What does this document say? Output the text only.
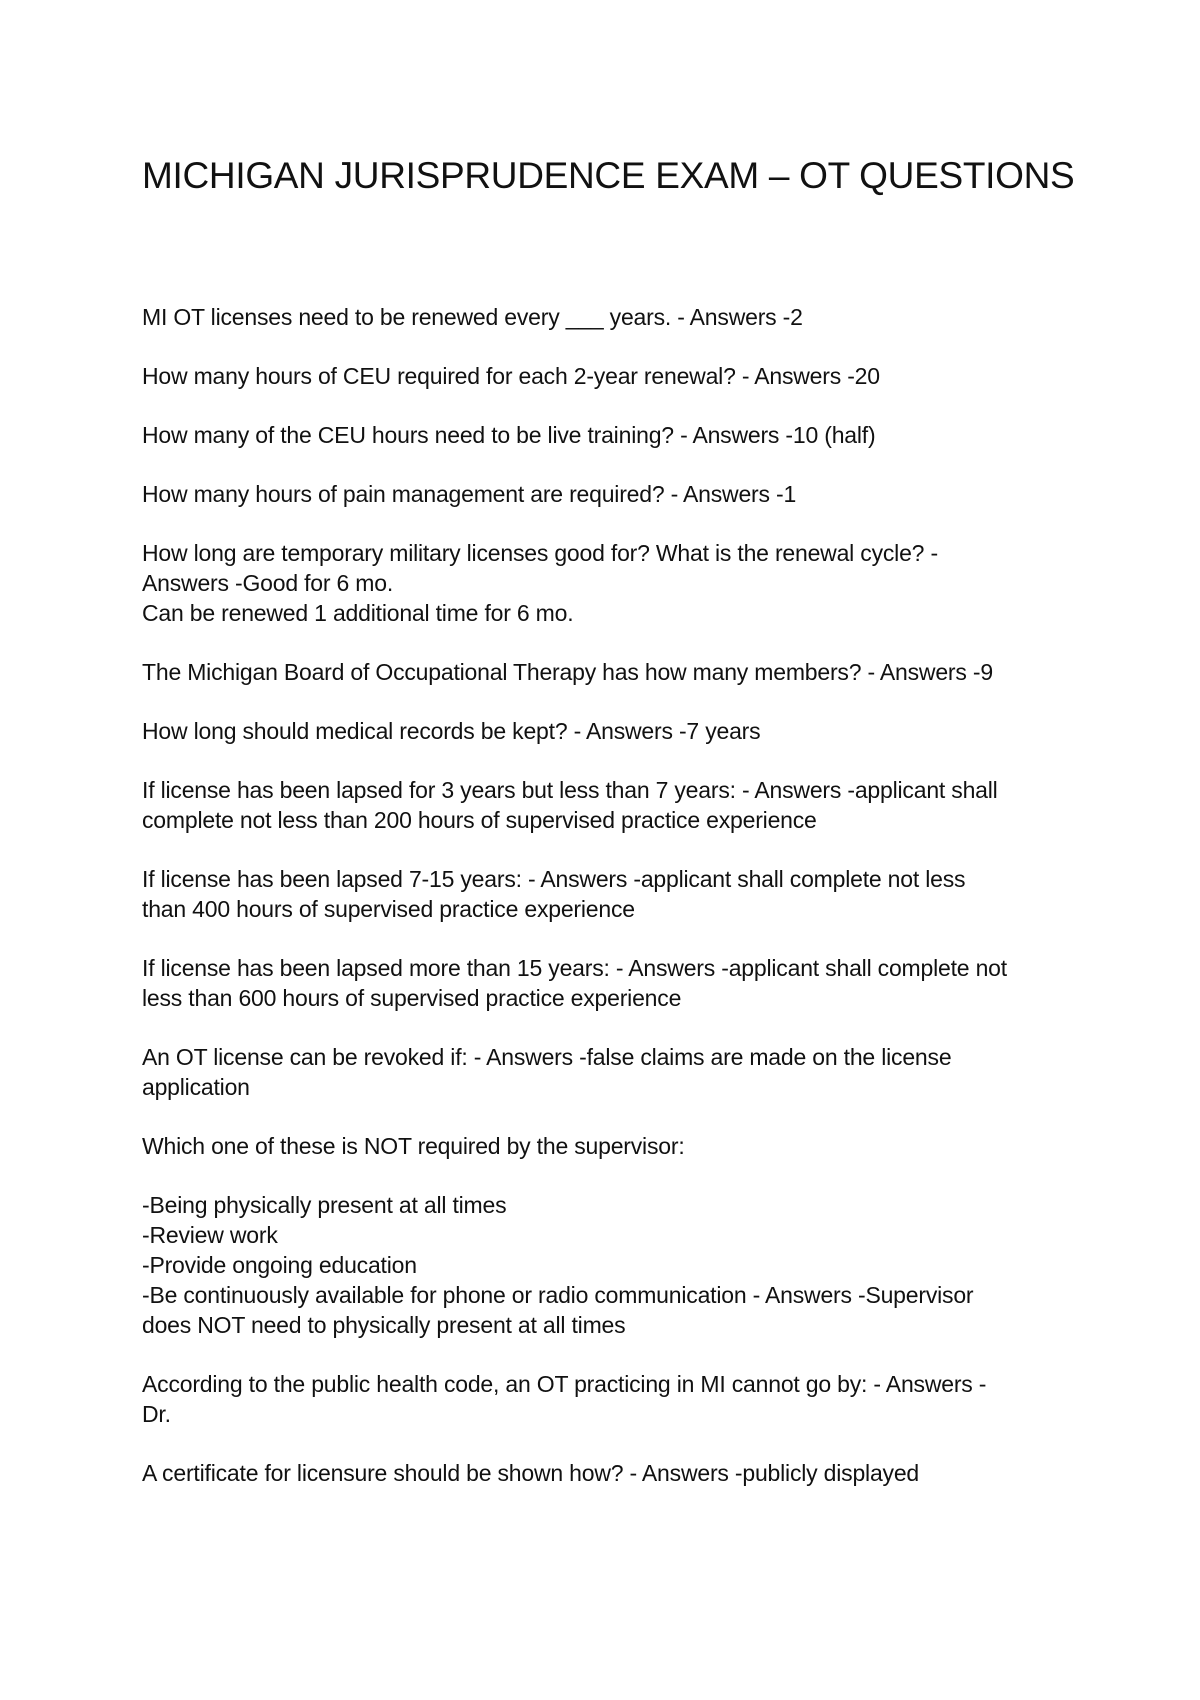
MICHIGAN JURISPRUDENCE EXAM – OT QUESTIONS

MI OT licenses need to be renewed every ___ years. - Answers -2

How many hours of CEU required for each 2-year renewal? - Answers -20

How many of the CEU hours need to be live training? - Answers -10 (half)

How many hours of pain management are required? - Answers -1

How long are temporary military licenses good for? What is the renewal cycle? -
Answers -Good for 6 mo.
Can be renewed 1 additional time for 6 mo.

The Michigan Board of Occupational Therapy has how many members? - Answers -9

How long should medical records be kept? - Answers -7 years

If license has been lapsed for 3 years but less than 7 years: - Answers -applicant shall
complete not less than 200 hours of supervised practice experience

If license has been lapsed 7-15 years: - Answers -applicant shall complete not less
than 400 hours of supervised practice experience

If license has been lapsed more than 15 years: - Answers -applicant shall complete not
less than 600 hours of supervised practice experience

An OT license can be revoked if: - Answers -false claims are made on the license
application

Which one of these is NOT required by the supervisor:

-Being physically present at all times
-Review work
-Provide ongoing education
-Be continuously available for phone or radio communication - Answers -Supervisor
does NOT need to physically present at all times

According to the public health code, an OT practicing in MI cannot go by: - Answers -
Dr.

A certificate for licensure should be shown how? - Answers -publicly displayed
